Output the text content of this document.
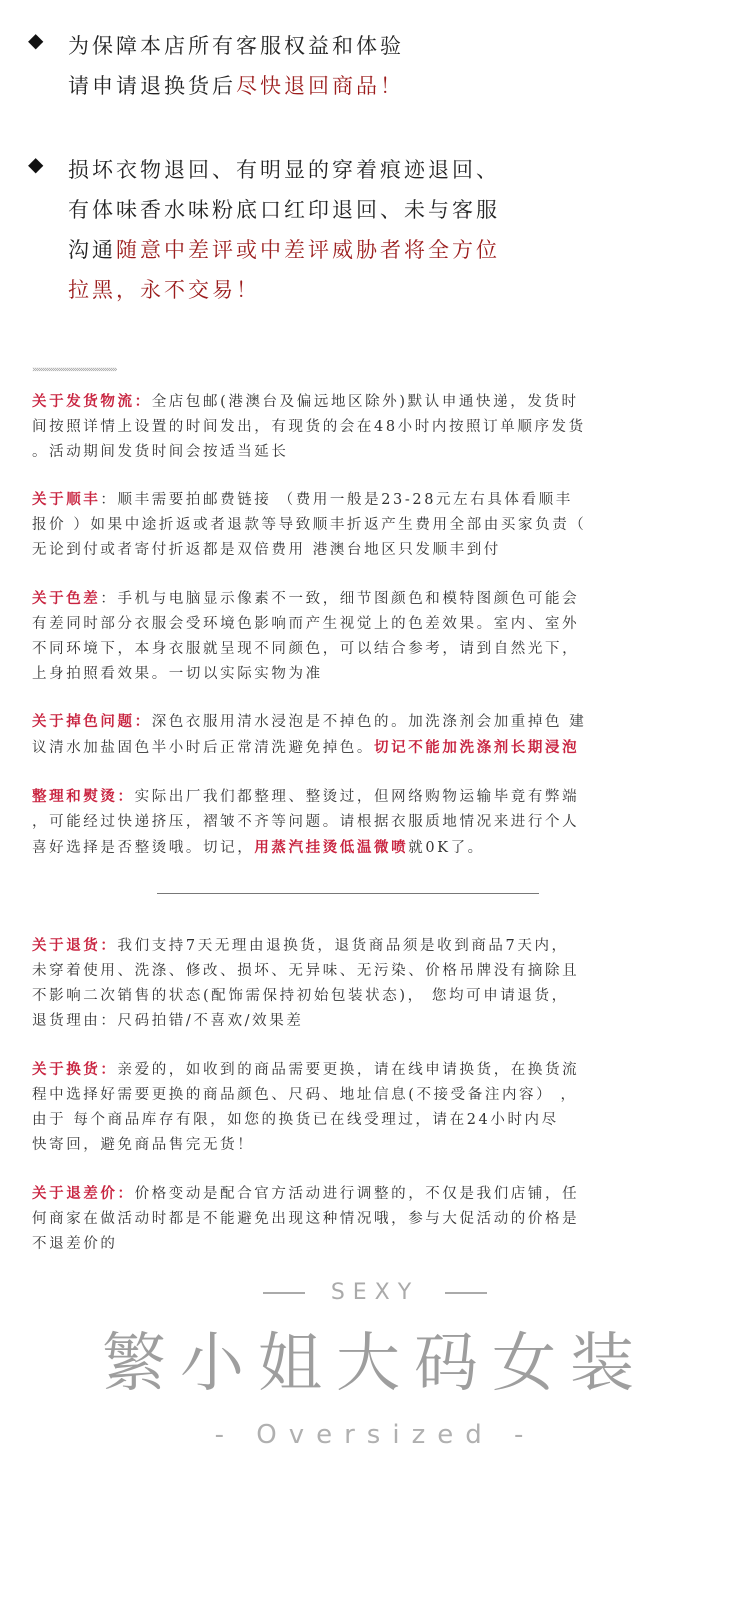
◆ 为保障本店所有客服权益和体验
请申请退换货后尽快退回商品！
◆ 损坏衣物退回、有明显的穿着痕迹退回、
有体味香水味粉底口红印退回、未与客服
沟通随意中差评或中差评威胁者将全方位
拉黑，永不交易！
››››››››››››››››››››››››››››››››››››››››››
关于发货物流：全店包邮(港澳台及偏远地区除外)默认申通快递，发货时
间按照详情上设置的时间发出，有现货的会在48小时内按照订单顺序发货
。活动期间发货时间会按适当延长
关于顺丰：顺丰需要拍邮费链接 （费用一般是23-28元左右具体看顺丰
报价 ）如果中途折返或者退款等导致顺丰折返产生费用全部由买家负责（
无论到付或者寄付折返都是双倍费用 港澳台地区只发顺丰到付
关于色差：手机与电脑显示像素不一致，细节图颜色和模特图颜色可能会
有差同时部分衣服会受环境色影响而产生视觉上的色差效果。室内、室外
不同环境下，本身衣服就呈现不同颜色，可以结合参考，请到自然光下，
上身拍照看效果。一切以实际实物为准
关于掉色问题：深色衣服用清水浸泡是不掉色的。加洗涤剂会加重掉色 建
议清水加盐固色半小时后正常清洗避免掉色。切记不能加洗涤剂长期浸泡
整理和熨烫：实际出厂我们都整理、整烫过，但网络购物运输毕竟有弊端
，可能经过快递挤压，褶皱不齐等问题。请根据衣服质地情况来进行个人
喜好选择是否整烫哦。切记，用蒸汽挂烫低温微喷就0K了。
关于退货：我们支持7天无理由退换货，退货商品须是收到商品7天内，
未穿着使用、洗涤、修改、损坏、无异味、无污染、价格吊牌没有摘除且
不影响二次销售的状态(配饰需保持初始包装状态)， 您均可申请退货，
退货理由：尺码拍错/不喜欢/效果差
关于换货：亲爱的，如收到的商品需要更换，请在线申请换货，在换货流
程中选择好需要更换的商品颜色、尺码、地址信息(不接受备注内容） ，
由于 每个商品库存有限，如您的换货已在线受理过，请在24小时内尽
快寄回，避免商品售完无货！
关于退差价：价格变动是配合官方活动进行调整的，不仅是我们店铺，任
何商家在做活动时都是不能避免出现这种情况哦，参与大促活动的价格是
不退差价的
SEXY
繁小姐大码女装
- Oversized -
